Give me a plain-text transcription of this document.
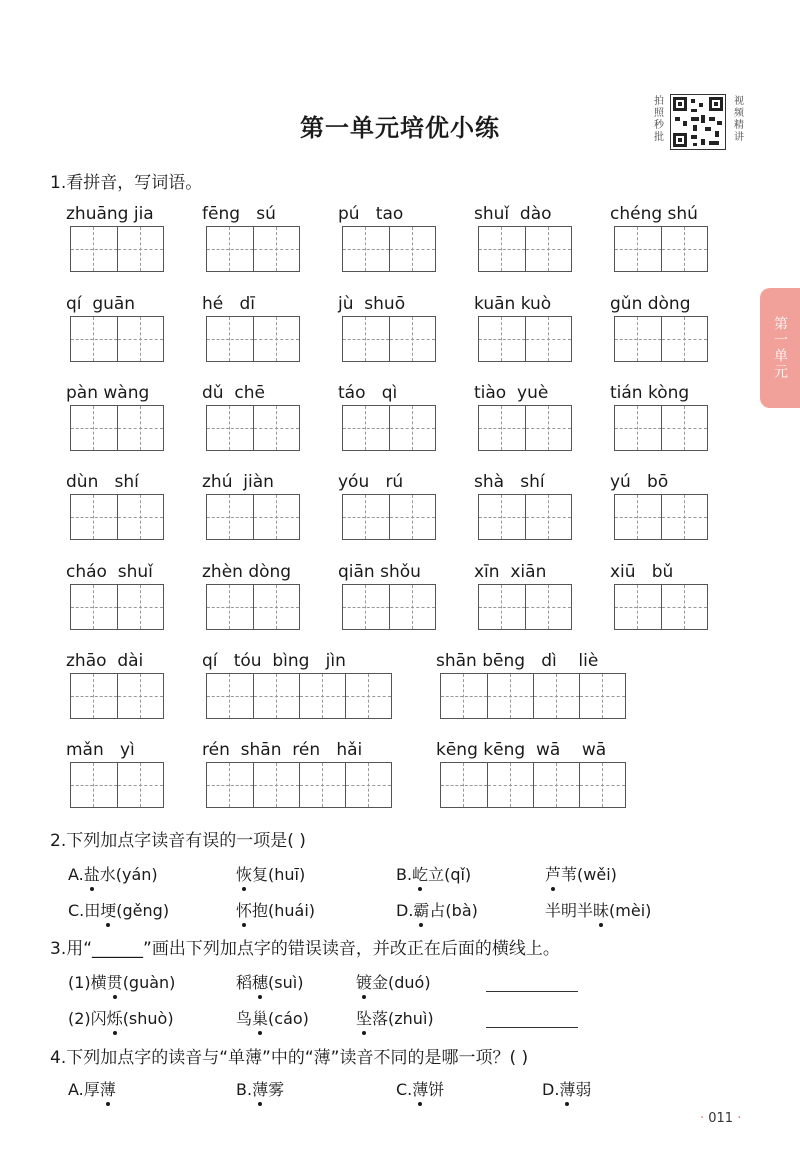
第一单元培优小练
拍照秒批
视频精讲
第一单元
1.看拼音，写词语。
zhuāng jia	fēng   sú	pú   tao	shuǐ  dào	chéng shú
qí  guān	hé   dī	jù  shuō	kuān kuò	gǔn dòng
pàn wàng	dǔ  chē	táo   qì	tiào  yuè	tián kòng
dùn   shí	zhú  jiàn	yóu   rú	shà   shí	yú   bō
cháo  shuǐ	zhèn dòng	qiān shǒu	xīn  xiān	xiū   bǔ
zhāo  dài	qí   tóu  bìng   jìn	shān bēng   dì    liè
mǎn   yì	rén  shān  rén   hǎi	kēng kēng  wā    wā
2.下列加点字读音有误的一项是( )
A.盐水(yán)	恢复(huī)	B.屹立(qǐ)	芦苇(wěi)
C.田埂(gěng)	怀抱(huái)	D.霸占(bà)	半明半昧(mèi)
3.用“______”画出下列加点字的错误读音，并改正在后面的横线上。
(1)横贯(guàn)	稻穗(suì)	镀金(duó)
(2)闪烁(shuò)	鸟巢(cáo)	坠落(zhuì)
4.下列加点字的读音与“单薄”中的“薄”读音不同的是哪一项？( )
A.厚薄	B.薄雾	C.薄饼	D.薄弱
· 011 ·
